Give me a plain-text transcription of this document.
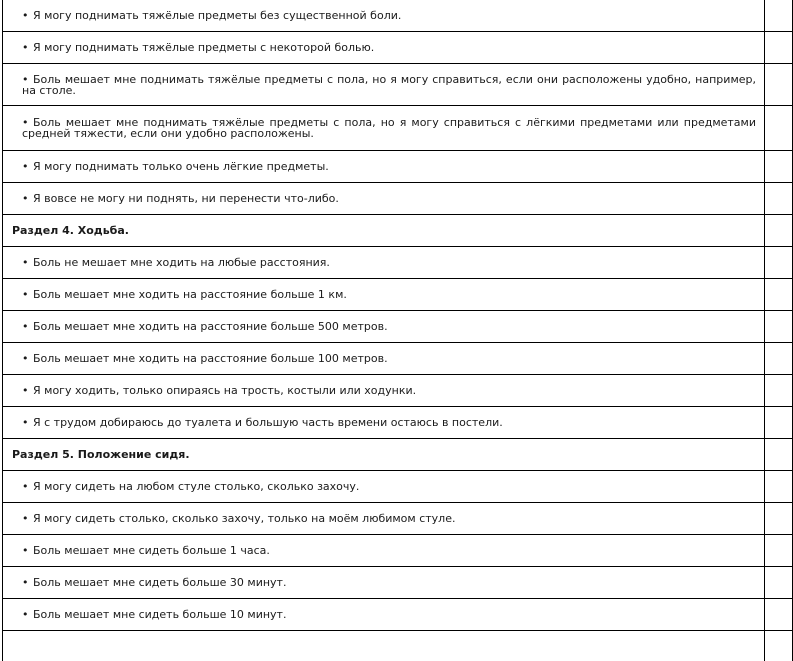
• Я могу поднимать тяжёлые предметы без существенной боли.	
• Я могу поднимать тяжёлые предметы с некоторой болью.	
• Боль мешает мне поднимать тяжёлые предметы с пола, но я могу справиться, если они расположены удобно, например, на столе.	
• Боль мешает мне поднимать тяжёлые предметы с пола, но я могу справиться с лёгкими предметами или предметами средней тяжести, если они удобно расположены.	
• Я могу поднимать только очень лёгкие предметы.	
• Я вовсе не могу ни поднять, ни перенести что-либо.	
Раздел 4. Ходьба.	
• Боль не мешает мне ходить на любые расстояния.	
• Боль мешает мне ходить на расстояние больше 1 км.	
• Боль мешает мне ходить на расстояние больше 500 метров.	
• Боль мешает мне ходить на расстояние больше 100 метров.	
• Я могу ходить, только опираясь на трость, костыли или ходунки.	
• Я с трудом добираюсь до туалета и большую часть времени остаюсь в постели.	
Раздел 5. Положение сидя.	
• Я могу сидеть на любом стуле столько, сколько захочу.	
• Я могу сидеть столько, сколько захочу, только на моём любимом стуле.	
• Боль мешает мне сидеть больше 1 часа.	
• Боль мешает мне сидеть больше 30 минут.	
• Боль мешает мне сидеть больше 10 минут.	
